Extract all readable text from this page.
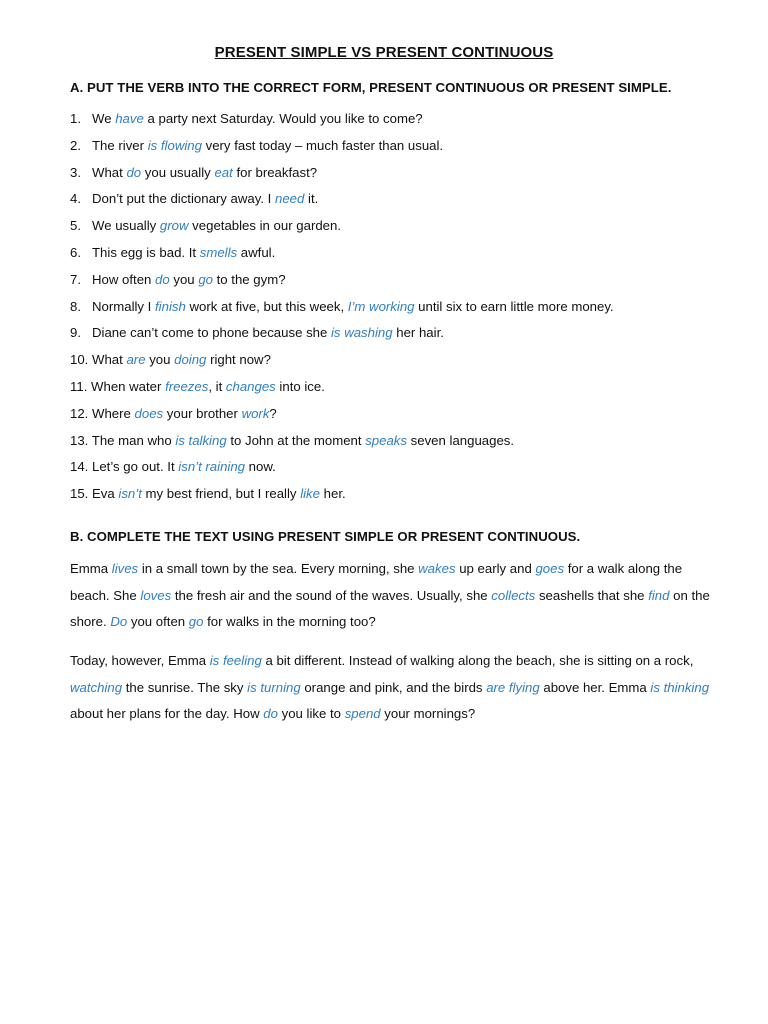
PRESENT SIMPLE VS PRESENT CONTINUOUS
A. PUT THE VERB INTO THE CORRECT FORM, PRESENT CONTINUOUS OR PRESENT SIMPLE.
1. We have a party next Saturday. Would you like to come?
2. The river is flowing very fast today – much faster than usual.
3. What do you usually eat for breakfast?
4. Don’t put the dictionary away. I need it.
5. We usually grow vegetables in our garden.
6. This egg is bad. It smells awful.
7. How often do you go to the gym?
8. Normally I finish work at five, but this week, I’m working until six to earn little more money.
9. Diane can’t come to phone because she is washing her hair.
10. What are you doing right now?
11. When water freezes, it changes into ice.
12. Where does your brother work?
13. The man who is talking to John at the moment speaks seven languages.
14. Let’s go out. It isn’t raining now.
15. Eva isn’t my best friend, but I really like her.
B. COMPLETE THE TEXT USING PRESENT SIMPLE OR PRESENT CONTINUOUS.
Emma lives in a small town by the sea. Every morning, she wakes up early and goes for a walk along the beach. She loves the fresh air and the sound of the waves. Usually, she collects seashells that she find on the shore. Do you often go for walks in the morning too?
Today, however, Emma is feeling a bit different. Instead of walking along the beach, she is sitting on a rock, watching the sunrise. The sky is turning orange and pink, and the birds are flying above her. Emma is thinking about her plans for the day. How do you like to spend your mornings?
